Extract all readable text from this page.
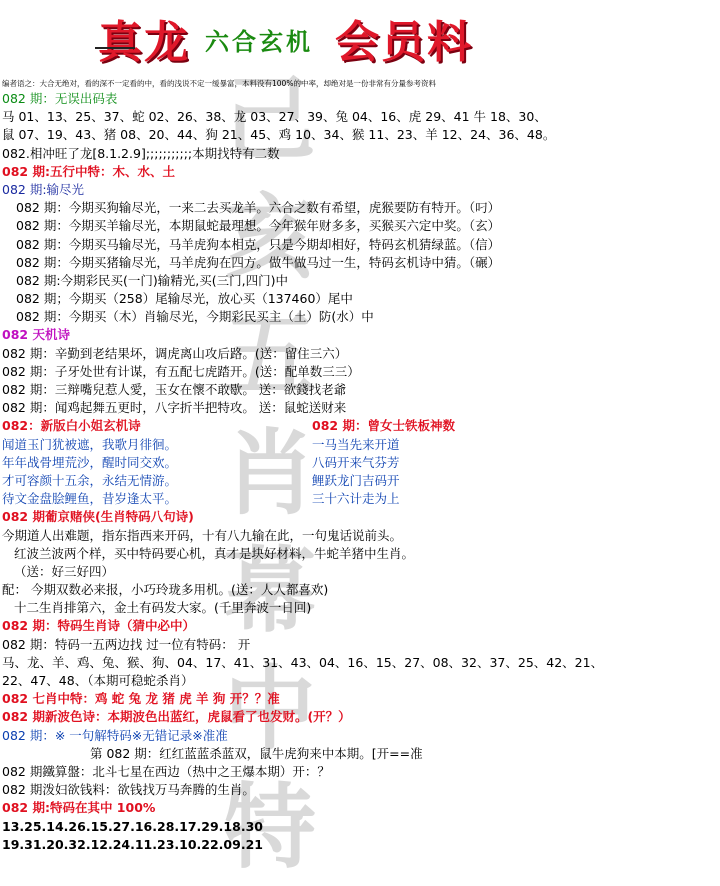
己
亥
五
肖
幕
中
特
真龙 六合玄机 会员料
编者语之：大合无绝对，看的深不一定看的中，看的浅说不定一缓暴富，本料没有100%的中率，却绝对是一份非常有分量参考资料
082 期：无误出码表
马 01、13、25、37、蛇 02、26、38、龙 03、27、39、兔 04、16、虎 29、41 牛 18、30、
鼠 07、19、43、猪 08、20、44、狗 21、45、鸡 10、34、猴 11、23、羊 12、24、36、48。
082.相冲旺了龙[8.1.2.9];;;;;;;;;;;本期找特有二数
082 期:五行中特：木、水、土
082 期:输尽光
082 期：今期买狗输尽光，一来二去买龙羊。六合之数有希望，虎猴要防有特开。（叼）
082 期：今期买羊输尽光，本期鼠蛇最理想。今年猴年财多多，买猴买六定中奖。（玄）
082 期：今期买马输尽光，马羊虎狗本相克，只是今期却相好，特码玄机猜绿蓝。（信）
082 期：今期买猪输尽光，马羊虎狗在四方。做牛做马过一生，特码玄机诗中猜。（碾）
082 期:今期彩民买(一门)输精光,买(三门,四门)中
082 期；今期买（258）尾输尽光，放心买（137460）尾中
082 期：今期买（木）肖输尽光，今期彩民买主（土）防(水）中
082 天机诗
082 期：辛勤到老结果坏，调虎离山攻后路。(送：留住三六）
082 期：子牙处世有计谋，有五配七虎踏开。(送：配单数三三）
082 期：三辩嘴兒惹人愛，玉女在懷不敢歇。 送：欲錢找老爺
082 期：闻鸡起舞五更时，八字折半把特攻。 送：鼠蛇送财来
082：新版白小姐玄机诗	082 期：曾女士铁板神数
闻道玉门犹被遮，我歌月徘徊。	一马当先来开道
年年战骨埋荒沙，醒时同交欢。	八码开来气芬芳
才可容颜十五余，永结无情游。	鲤跃龙门吉码开
待文金盘脍鲤鱼，昔岁逢太平。	三十六计走为上
082 期葡京赌侠(生肖特码八句诗)
今期道人出难题，指东指西来开码，十有八九输在此，一句鬼话说前头。
红波兰波两个样，买中特码要心机，真才是块好材料，牛蛇羊猪中生肖。
（送：好三好四）
配： 今期双数必来报，小巧玲珑多用机。(送：人人都喜欢)
十二生肖排第六，金土有码发大家。(千里奔波一日回)
082 期：特码生肖诗（猜中必中）
082 期：特码一五两边找 过一位有特码： 开
马、龙、羊、鸡、兔、猴、狗、04、17、41、31、43、04、16、15、27、08、32、37、25、42、21、
22、47、48、（本期可稳蛇杀肖）
082 七肖中特：鸡 蛇 兔 龙 猪 虎 羊 狗 开？？准
082 期新波色诗：本期波色出蓝红，虎鼠看了也发财。(开？）
082 期：※ 一句解特码※无错记录※准准
第 082 期：红红蓝蓝杀蓝双，鼠牛虎狗来中本期。[开==准
082 期鐵算盤：北斗七星在西边（热中之王爆本期）开：？
082 期泼妇欲钱料：欲钱找万马奔腾的生肖。
082 期:特码在其中 100%
13.25.14.26.15.27.16.28.17.29.18.30
19.31.20.32.12.24.11.23.10.22.09.21
